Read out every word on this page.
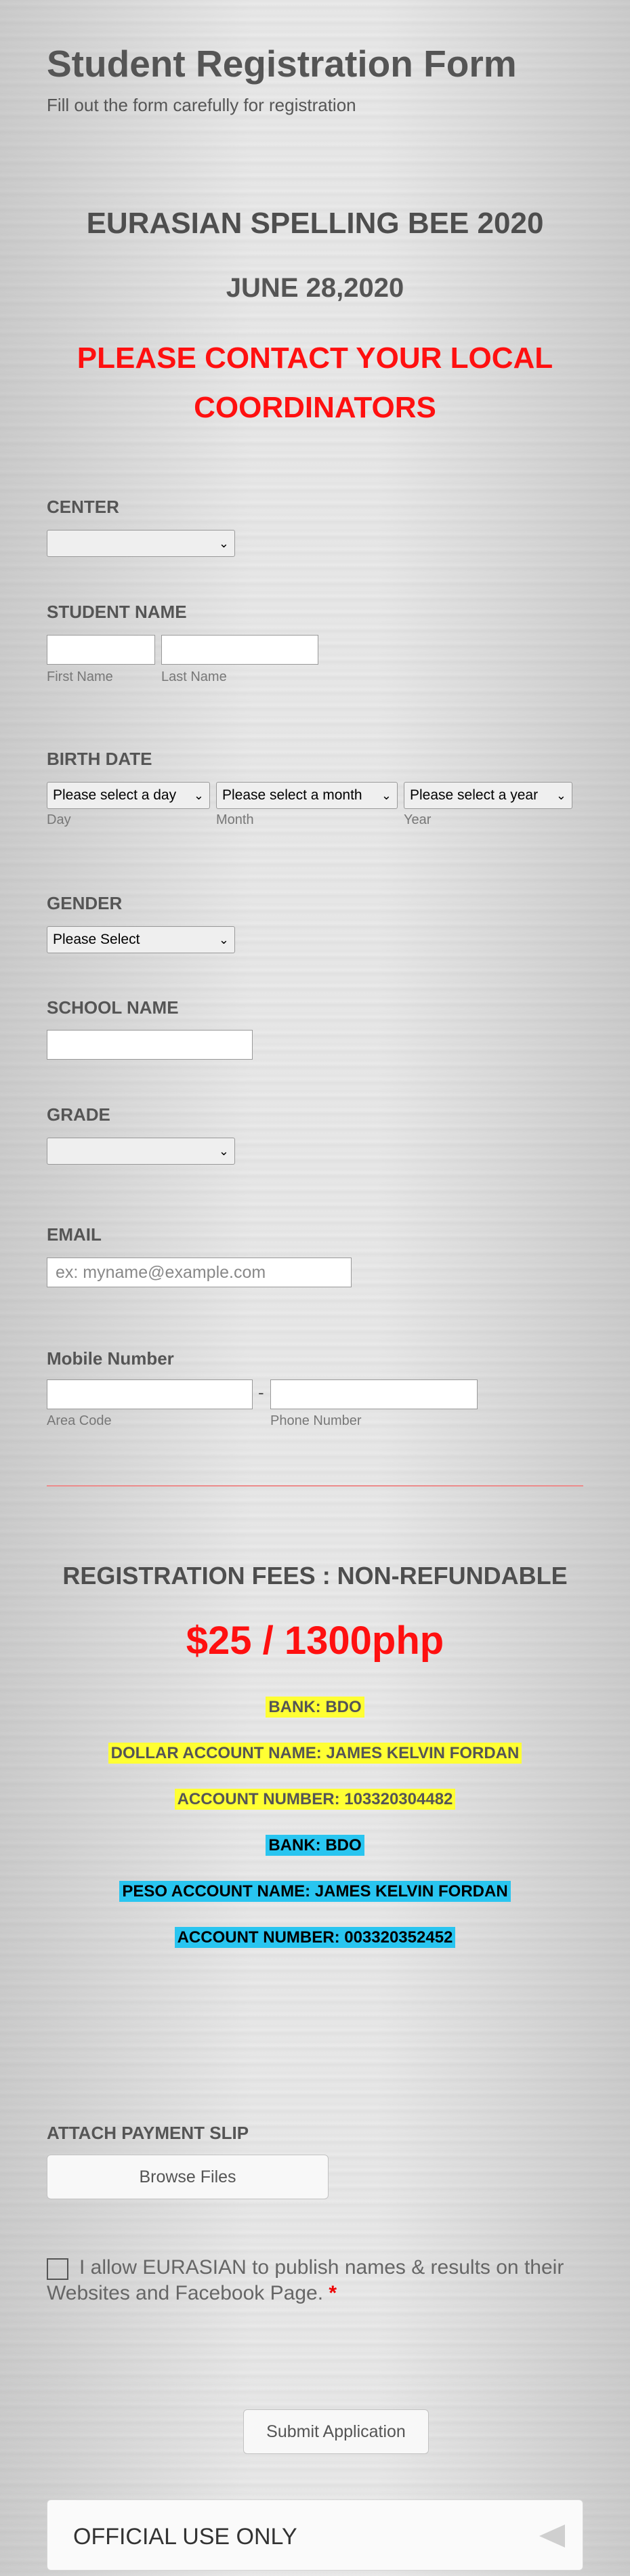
Student Registration Form
Fill out the form carefully for registration
EURASIAN SPELLING BEE 2020
JUNE 28,2020
PLEASE CONTACT YOUR LOCAL COORDINATORS
CENTER
⌄
STUDENT NAME
First Name	Last Name
BIRTH DATE
Please select a day ⌄	Please select a month ⌄	Please select a year ⌄
Day	Month	Year
GENDER
Please Select	⌄
SCHOOL NAME
GRADE
⌄
EMAIL
ex: myname@example.com
Mobile Number
-
Area Code	Phone Number
REGISTRATION FEES : NON-REFUNDABLE
$25 / 1300php
BANK: BDO
DOLLAR ACCOUNT NAME: JAMES KELVIN FORDAN
ACCOUNT NUMBER: 103320304482
BANK: BDO
PESO ACCOUNT NAME: JAMES KELVIN FORDAN
ACCOUNT NUMBER: 003320352452
ATTACH PAYMENT SLIP
Browse Files
I allow EURASIAN to publish names & results on their Websites and Facebook Page. *
Submit Application
OFFICIAL USE ONLY
